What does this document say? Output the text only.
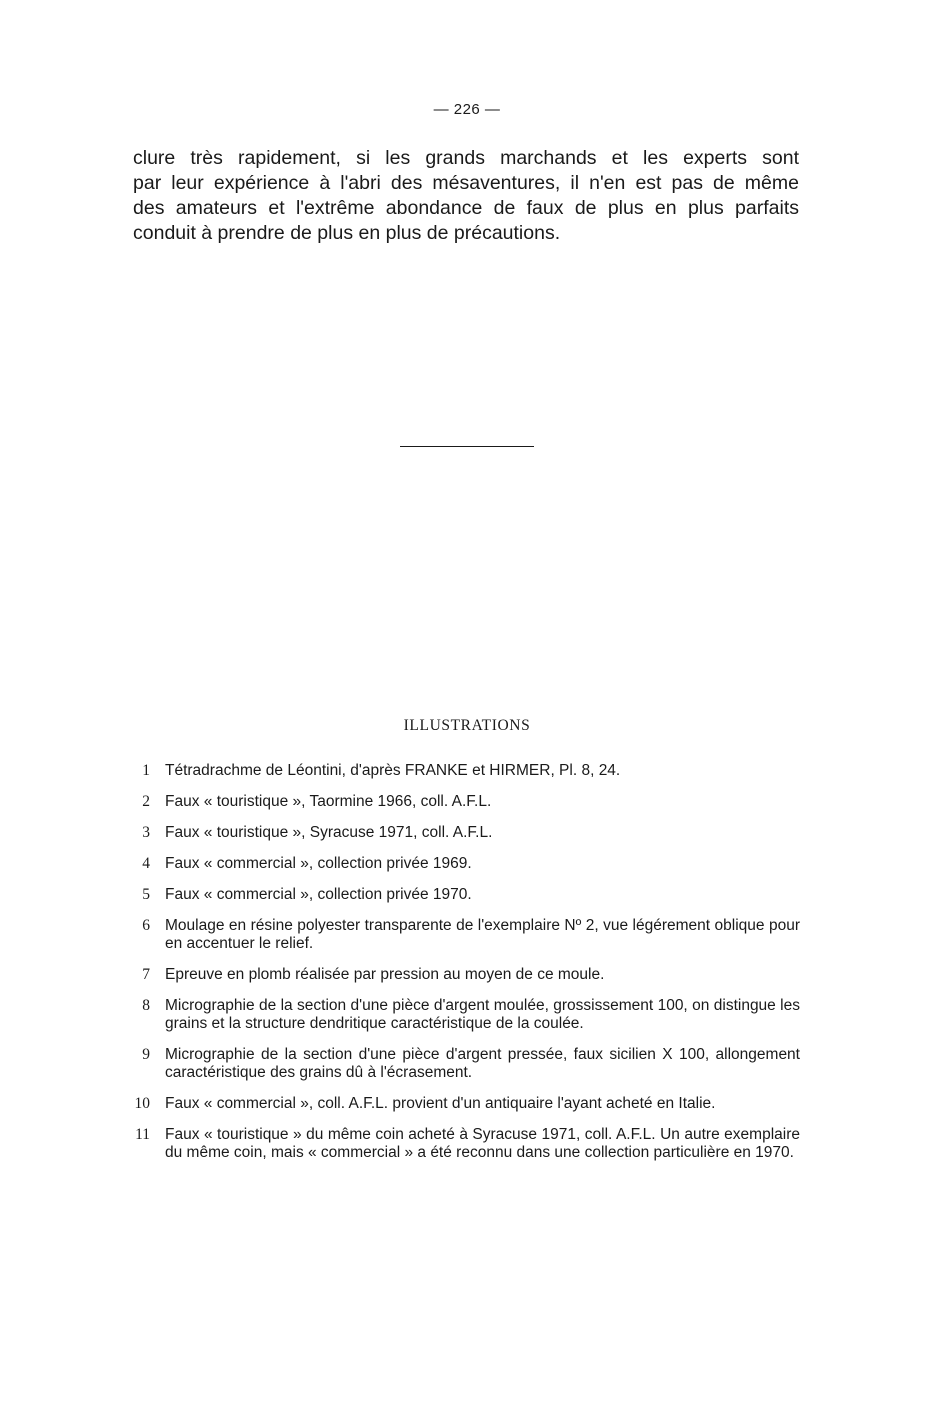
— 226 —
clure très rapidement, si les grands marchands et les experts sont
par leur expérience à l'abri des mésaventures, il n'en est pas de même
des amateurs et l'extrême abondance de faux de plus en plus parfaits
conduit à prendre de plus en plus de précautions.
ILLUSTRATIONS
1 Tétradrachme de Léontini, d'après FRANKE et HIRMER, Pl. 8, 24.
2 Faux « touristique », Taormine 1966, coll. A.F.L.
3 Faux « touristique », Syracuse 1971, coll. A.F.L.
4 Faux « commercial », collection privée 1969.
5 Faux « commercial », collection privée 1970.
6 Moulage en résine polyester transparente de l'exemplaire Nº 2, vue légérement oblique pour en accentuer le relief.
7 Epreuve en plomb réalisée par pression au moyen de ce moule.
8 Micrographie de la section d'une pièce d'argent moulée, grossissement 100, on distingue les grains et la structure dendritique caractéristique de la coulée.
9 Micrographie de la section d'une pièce d'argent pressée, faux sicilien X 100, allongement caractéristique des grains dû à l'écrasement.
10 Faux « commercial », coll. A.F.L. provient d'un antiquaire l'ayant acheté en Italie.
11 Faux « touristique » du même coin acheté à Syracuse 1971, coll. A.F.L. Un autre exemplaire du même coin, mais « commercial » a été reconnu dans une collection particulière en 1970.
